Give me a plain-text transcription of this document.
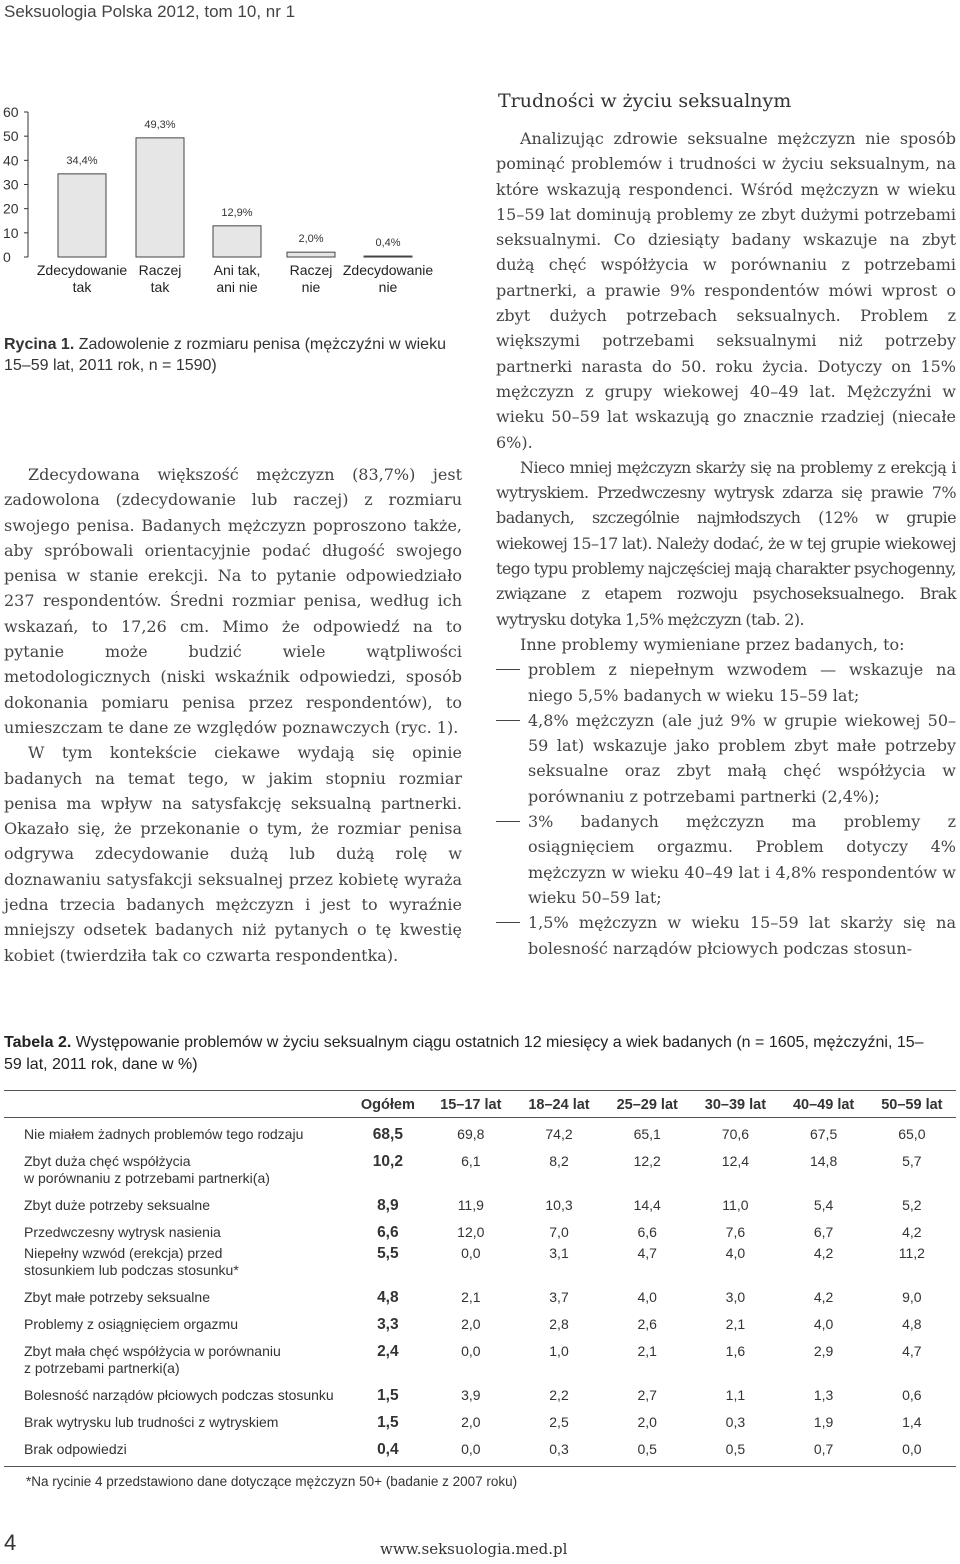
Seksuologia Polska 2012, tom 10, nr 1
0
10
20
30
40
50
60
34,4%
Zdecydowanie
tak
49,3%
Raczej
tak
12,9%
Ani tak,
ani nie
2,0%
Raczej
nie
0,4%
Zdecydowanie
nie
Rycina 1. Zadowolenie z rozmiaru penisa (mężczyźni w wieku 15–59 lat, 2011 rok, n = 1590)

Zdecydowana większość mężczyzn (83,7%) jest zadowolona (zdecydowanie lub raczej) z rozmiaru swojego penisa. Badanych mężczyzn poproszono także, aby spróbowali orientacyjnie podać długość swojego penisa w stanie erekcji. Na to pytanie odpowiedziało 237 respondentów. Średni rozmiar penisa, według ich wskazań, to 17,26 cm. Mimo że odpowiedź na to pytanie może budzić wiele wątpliwości metodologicznych (niski wskaźnik odpowiedzi, sposób dokonania pomiaru penisa przez respondentów), to umieszczam te dane ze względów poznawczych (ryc. 1).

W tym kontekście ciekawe wydają się opinie badanych na temat tego, w jakim stopniu rozmiar penisa ma wpływ na satysfakcję seksualną partnerki. Okazało się, że przekonanie o tym, że rozmiar penisa odgrywa zdecydowanie dużą lub dużą rolę w doznawaniu satysfakcji seksualnej przez kobietę wyraża jedna trzecia badanych mężczyzn i jest to wyraźnie mniejszy odsetek badanych niż pytanych o tę kwestię kobiet (twierdziła tak co czwarta respondentka).

Trudności w życiu seksualnym

Analizując zdrowie seksualne mężczyzn nie sposób pominąć problemów i trudności w życiu seksualnym, na które wskazują respondenci. Wśród mężczyzn w wieku 15–59 lat dominują problemy ze zbyt dużymi potrzebami seksualnymi. Co dziesiąty badany wskazuje na zbyt dużą chęć współżycia w porównaniu z potrzebami partnerki, a prawie 9% respondentów mówi wprost o zbyt dużych potrzebach seksualnych. Problem z większymi potrzebami seksualnymi niż potrzeby partnerki narasta do 50. roku życia. Dotyczy on 15% mężczyzn z grupy wiekowej 40–49 lat. Mężczyźni w wieku 50–59 lat wskazują go znacznie rzadziej (niecałe 6%).

Nieco mniej mężczyzn skarży się na problemy z erekcją i wytryskiem. Przedwczesny wytrysk zdarza się prawie 7% badanych, szczególnie najmłodszych (12% w grupie wiekowej 15–17 lat). Należy dodać, że w tej grupie wiekowej tego typu problemy najczęściej mają charakter psychogenny, związane z etapem rozwoju psychoseksualnego. Brak wytrysku dotyka 1,5% mężczyzn (tab. 2).

Inne problemy wymieniane przez badanych, to:

problem z niepełnym wzwodem — wskazuje na niego 5,5% badanych w wieku 15–59 lat;
4,8% mężczyzn (ale już 9% w grupie wiekowej 50–59 lat) wskazuje jako problem zbyt małe potrzeby seksualne oraz zbyt małą chęć współżycia w porównaniu z potrzebami partnerki (2,4%);
3% badanych mężczyzn ma problemy z osiągnięciem orgazmu. Problem dotyczy 4% mężczyzn w wieku 40–49 lat i 4,8% respondentów w wieku 50–59 lat;
1,5% mężczyzn w wieku 15–59 lat skarży się na bolesność narządów płciowych podczas stosun-
Tabela 2. Występowanie problemów w życiu seksualnym ciągu ostatnich 12 miesięcy a wiek badanych (n = 1605, mężczyźni, 15–59 lat, 2011 rok, dane w %)
	Ogółem	15–17 lat	18–24 lat	25–29 lat	30–39 lat	40–49 lat	50–59 lat
Nie miałem żadnych problemów tego rodzaju	68,5	69,8	74,2	65,1	70,6	67,5	65,0
Zbyt duża chęć współżycia
w porównaniu z potrzebami partnerki(a)	10,2	6,1	8,2	12,2	12,4	14,8	5,7
Zbyt duże potrzeby seksualne	8,9	11,9	10,3	14,4	11,0	5,4	5,2
Przedwczesny wytrysk nasienia	6,6	12,0	7,0	6,6	7,6	6,7	4,2
Niepełny wzwód (erekcja) przed
stosunkiem lub podczas stosunku*	5,5	0,0	3,1	4,7	4,0	4,2	11,2
Zbyt małe potrzeby seksualne	4,8	2,1	3,7	4,0	3,0	4,2	9,0
Problemy z osiągnięciem orgazmu	3,3	2,0	2,8	2,6	2,1	4,0	4,8
Zbyt mała chęć współżycia w porównaniu
z potrzebami partnerki(a)	2,4	0,0	1,0	2,1	1,6	2,9	4,7
Bolesność narządów płciowych podczas stosunku	1,5	3,9	2,2	2,7	1,1	1,3	0,6
Brak wytrysku lub trudności z wytryskiem	1,5	2,0	2,5	2,0	0,3	1,9	1,4
Brak odpowiedzi	0,4	0,0	0,3	0,5	0,5	0,7	0,0
*Na rycinie 4 przedstawiono dane dotyczące mężczyzn 50+ (badanie z 2007 roku)
4	www.seksuologia.med.pl
